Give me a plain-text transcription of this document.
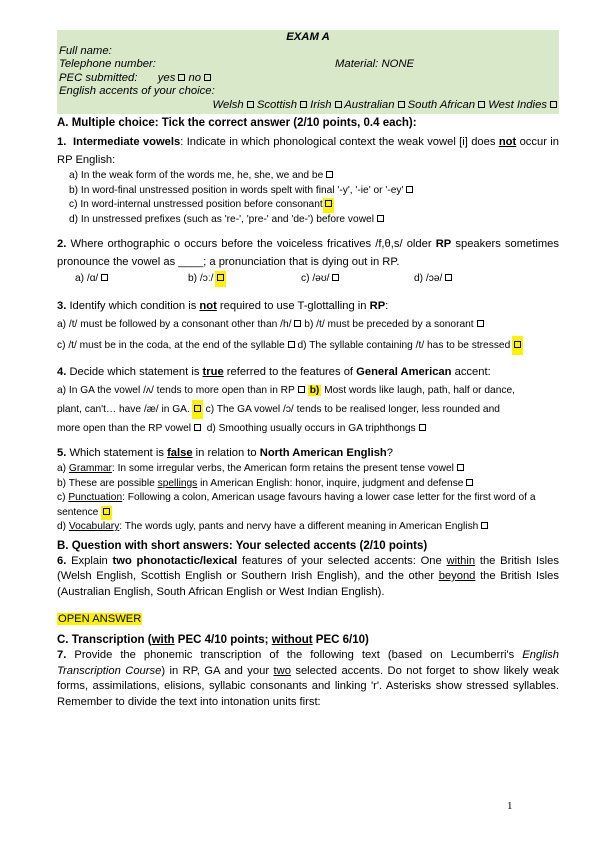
EXAM A
Full name:
Telephone number:	Material: NONE
PEC submitted: yes no
English accents of your choice:
Welsh Scottish Irish Australian South African West Indies
A. Multiple choice: Tick the correct answer (2/10 points, 0.4 each):
1. Intermediate vowels: Indicate in which phonological context the weak vowel [i] does not occur in RP English:
a) In the weak form of the words me, he, she, we and be
b) In word-final unstressed position in words spelt with final '-y', '-ie' or '-ey'
c) In word-internal unstressed position before consonant
d) In unstressed prefixes (such as 're-', 'pre-' and 'de-') before vowel
2. Where orthographic o occurs before the voiceless fricatives /f,θ,s/ older RP speakers sometimes pronounce the vowel as ____; a pronunciation that is dying out in RP.
a) /ɑ/	b) /ɔː/	c) /əʊ/	d) /ɔə/
3. Identify which condition is not required to use T-glottalling in RP:
a) /t/ must be followed by a consonant other than /h/ b) /t/ must be preceded by a sonorant
c) /t/ must be in the coda, at the end of the syllable d) The syllable containing /t/ has to be stressed
4. Decide which statement is true referred to the features of General American accent:
a) In GA the vowel /ʌ/ tends to more open than in RP b) Most words like laugh, path, half or dance,
plant, can't… have /æ/ in GA. c) The GA vowel /ɔ/ tends to be realised longer, less rounded and
more open than the RP vowel d) Smoothing usually occurs in GA triphthongs
5. Which statement is false in relation to North American English?
a) Grammar: In some irregular verbs, the American form retains the present tense vowel
b) These are possible spellings in American English: honor, inquire, judgment and defense
c) Punctuation: Following a colon, American usage favours having a lower case letter for the first word of a sentence
d) Vocabulary: The words ugly, pants and nervy have a different meaning in American English
B. Question with short answers: Your selected accents (2/10 points)
6. Explain two phonotactic/lexical features of your selected accents: One within the British Isles (Welsh English, Scottish English or Southern Irish English), and the other beyond the British Isles (Australian English, South African English or West Indian English).
OPEN ANSWER
C. Transcription (with PEC 4/10 points; without PEC 6/10)
7. Provide the phonemic transcription of the following text (based on Lecumberri's English Transcription Course) in RP, GA and your two selected accents. Do not forget to show likely weak forms, assimilations, elisions, syllabic consonants and linking 'r'. Asterisks show stressed syllables. Remember to divide the text into intonation units first:
1
